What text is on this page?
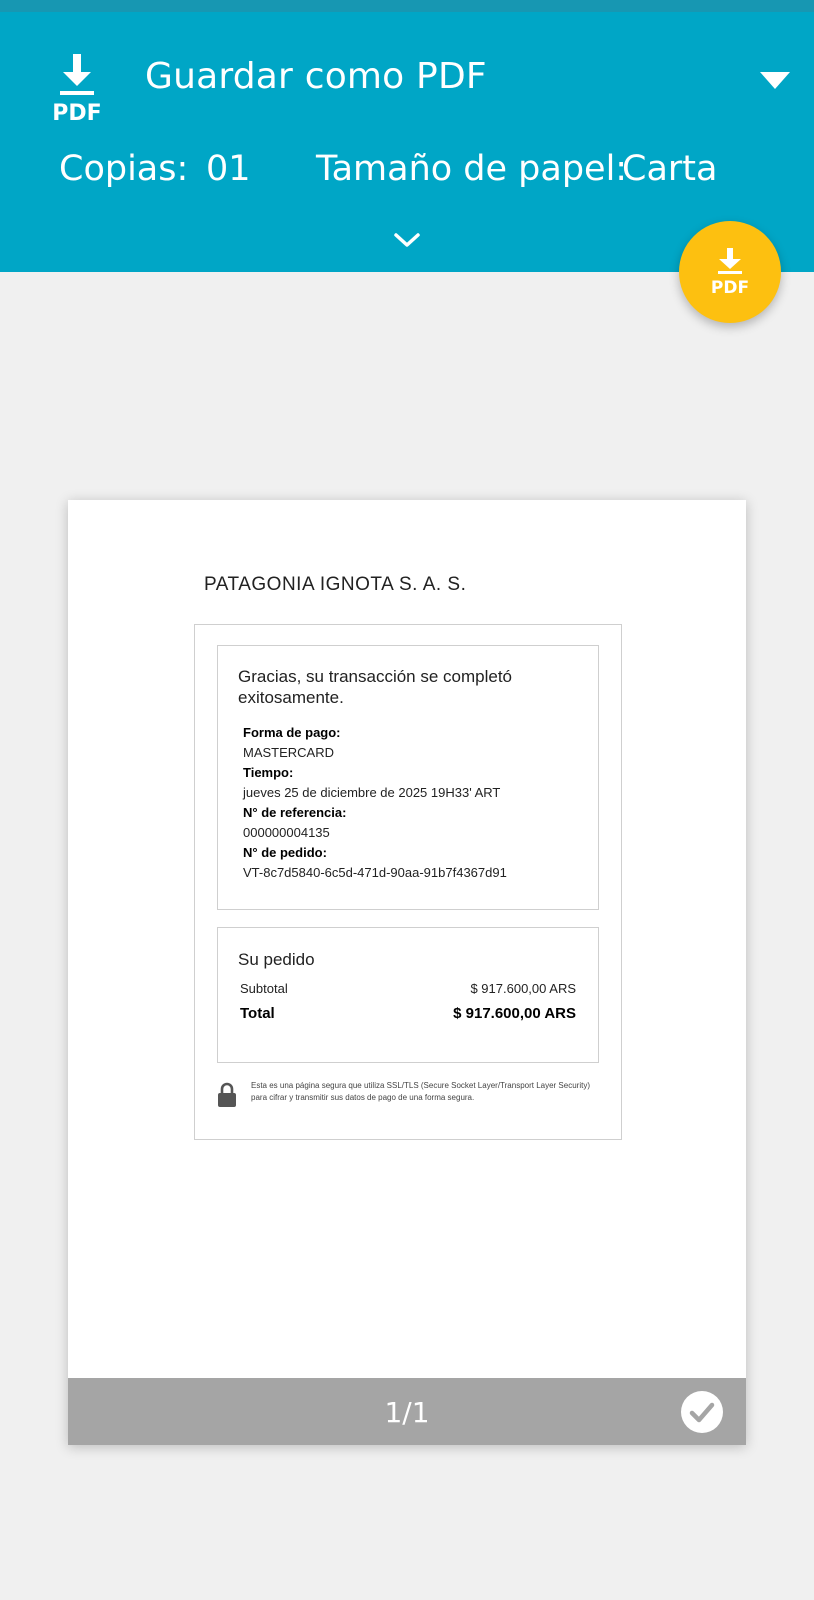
PDF
Guardar como PDF
Copias: 01 Tamaño de papel:
Carta
PDF
PATAGONIA IGNOTA S. A. S.
Gracias, su transacción se completó exitosamente.
Forma de pago:
MASTERCARD
Tiempo:
jueves 25 de diciembre de 2025 19H33' ART
N° de referencia:
000000004135
N° de pedido:
VT-8c7d5840-6c5d-471d-90aa-91b7f4367d91
Su pedido
Subtotal	$ 917.600,00 ARS
Total	$ 917.600,00 ARS
Esta es una página segura que utiliza SSL/TLS (Secure Socket Layer/Transport Layer Security) para cifrar y transmitir sus datos de pago de una forma segura.
1/1
